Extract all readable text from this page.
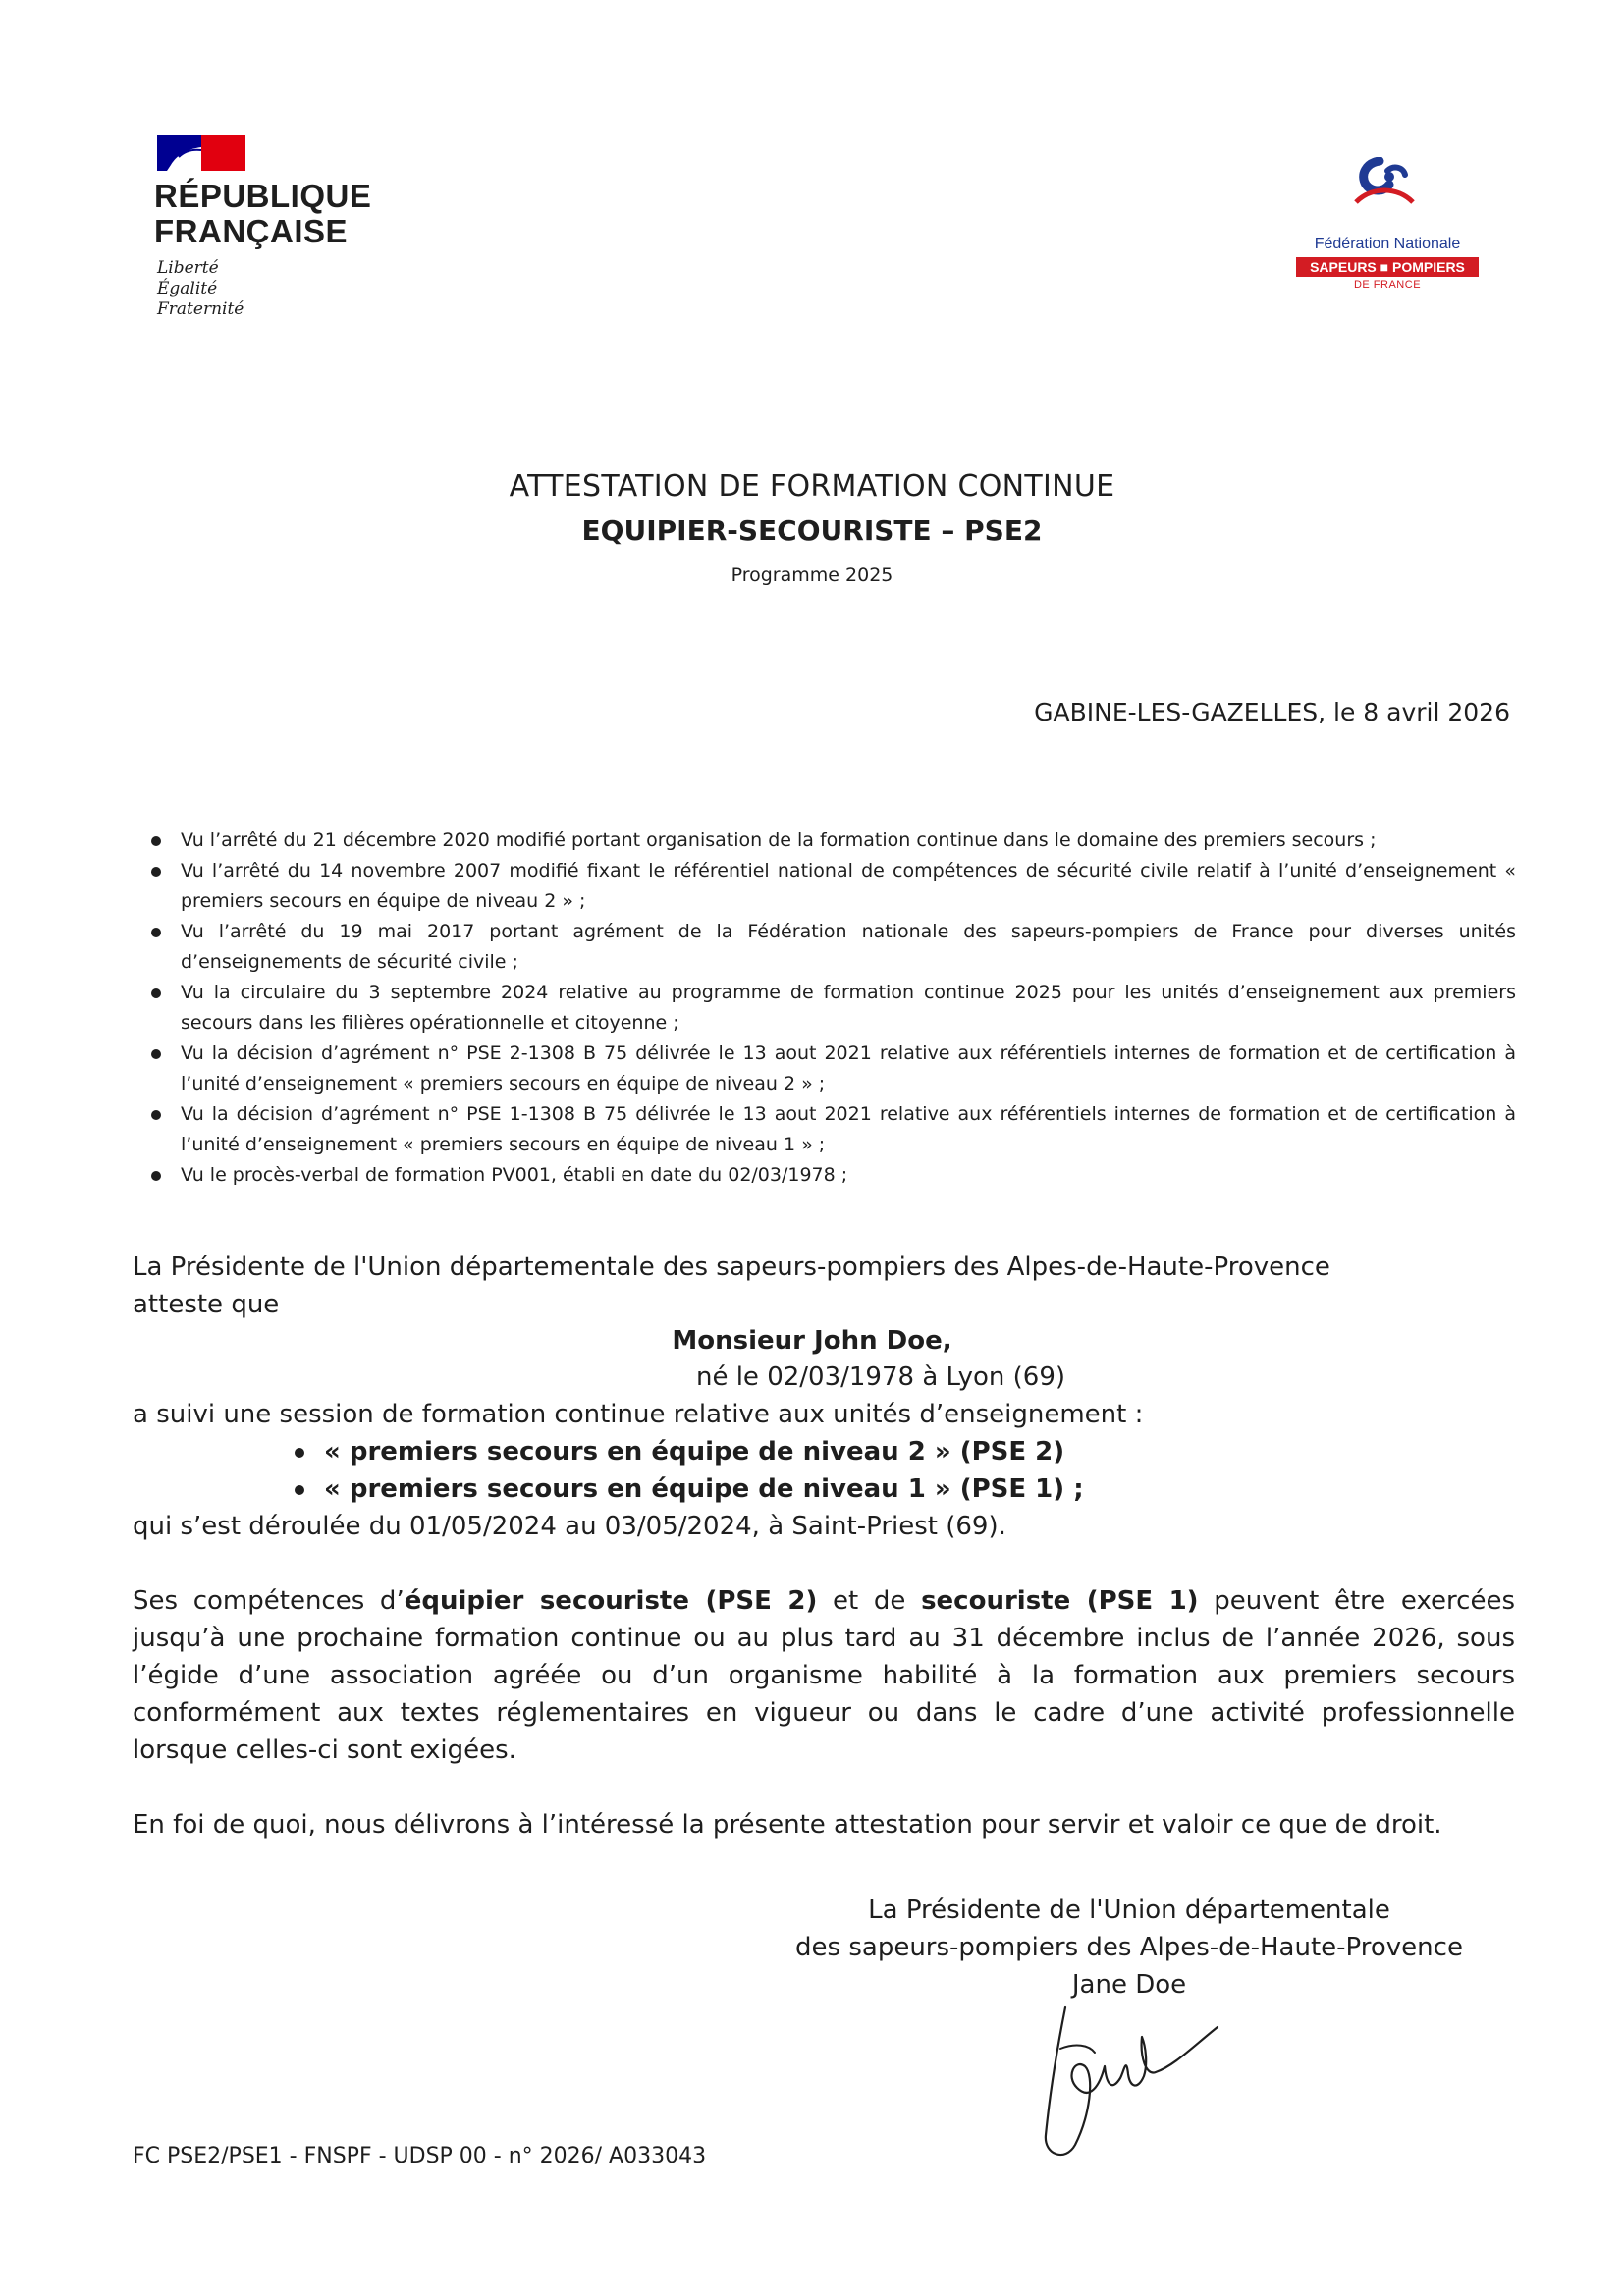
RÉPUBLIQUE
FRANÇAISE
Liberté
Égalité
Fraternité
Fédération Nationale
SAPEURS ■ POMPIERS
DE FRANCE
ATTESTATION DE FORMATION CONTINUE
EQUIPIER-SECOURISTE – PSE2
Programme 2025
GABINE-LES-GAZELLES, le 8 avril 2026
Vu l’arrêté du 21 décembre 2020 modifié portant organisation de la formation continue dans le domaine des premiers secours ;
Vu l’arrêté du 14 novembre 2007 modifié fixant le référentiel national de compétences de sécurité civile relatif à l’unité d’enseignement « premiers secours en équipe de niveau 2 » ;
Vu l’arrêté du 19 mai 2017 portant agrément de la Fédération nationale des sapeurs-pompiers de France pour diverses unités d’enseignements de sécurité civile ;
Vu la circulaire du 3 septembre 2024 relative au programme de formation continue 2025 pour les unités d’enseignement aux premiers secours dans les filières opérationnelle et citoyenne ;
Vu la décision d’agrément n° PSE 2-1308 B 75 délivrée le 13 aout 2021 relative aux référentiels internes de formation et de certification à l’unité d’enseignement « premiers secours en équipe de niveau 2 » ;
Vu la décision d’agrément n° PSE 1-1308 B 75 délivrée le 13 aout 2021 relative aux référentiels internes de formation et de certification à l’unité d’enseignement « premiers secours en équipe de niveau 1 » ;
Vu le procès-verbal de formation PV001, établi en date du 02/03/1978 ;
La Présidente de l'Union départementale des sapeurs-pompiers des Alpes-de-Haute-Provence
atteste que
Monsieur John Doe,
né le 02/03/1978 à Lyon (69)
a suivi une session de formation continue relative aux unités d’enseignement :
« premiers secours en équipe de niveau 2 » (PSE 2)
« premiers secours en équipe de niveau 1 » (PSE 1) ;
qui s’est déroulée du 01/05/2024 au 03/05/2024, à Saint-Priest (69).
Ses compétences d’équipier secouriste (PSE 2) et de secouriste (PSE 1) peuvent être exercées jusqu’à une prochaine formation continue ou au plus tard au 31 décembre inclus de l’année 2026, sous l’égide d’une association agréée ou d’un organisme habilité à la formation aux premiers secours conformément aux textes réglementaires en vigueur ou dans le cadre d’une activité professionnelle lorsque celles-ci sont exigées.
En foi de quoi, nous délivrons à l’intéressé la présente attestation pour servir et valoir ce que de droit.
La Présidente de l'Union départementale
des sapeurs-pompiers des Alpes-de-Haute-Provence
Jane Doe
FC PSE2/PSE1 - FNSPF - UDSP 00 - n° 2026/ A033043
